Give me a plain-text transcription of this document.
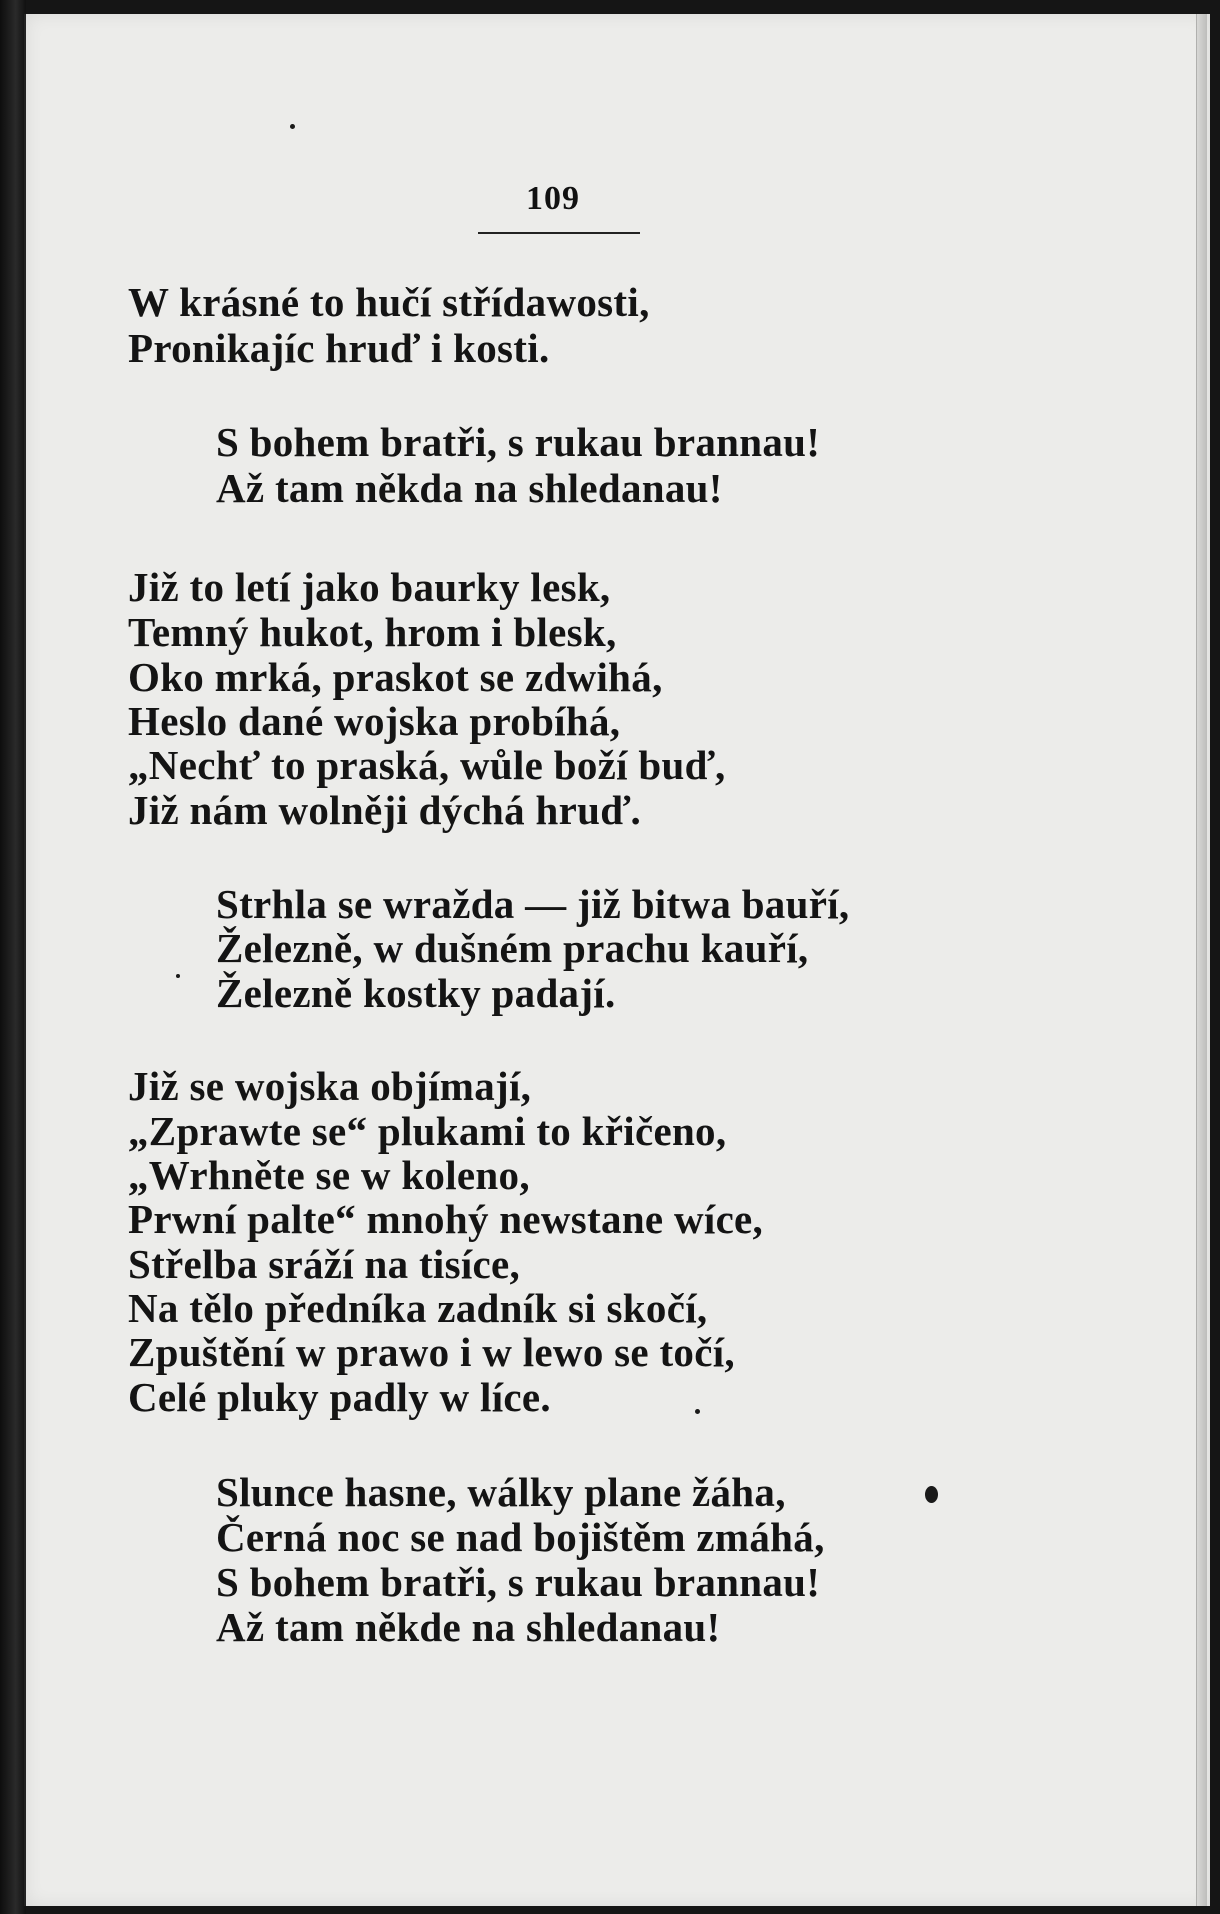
109
W krásné to hučí střídawosti,
Pronikajíc hruď i kosti.
S bohem bratři, s rukau brannau!
Až tam někda na shledanau!
Již to letí jako baurky lesk,
Temný hukot, hrom i blesk,
Oko mrká, praskot se zdwihá,
Heslo dané wojska probíhá,
„Nechť to praská, wůle boží buď,
Již nám wolněji dýchá hruď.
Strhla se wražda — již bitwa bauří,
Železně, w dušném prachu kauří,
Železně kostky padají.
Již se wojska objímají,
„Zprawte se“ plukami to křičeno,
„Wrhněte se w koleno,
Prwní palte“ mnohý newstane wíce,
Střelba sráží na tisíce,
Na tělo předníka zadník si skočí,
Zpuštění w prawo i w lewo se točí,
Celé pluky padly w líce.
Slunce hasne, wálky plane žáha,
Černá noc se nad bojištěm zmáhá,
S bohem bratři, s rukau brannau!
Až tam někde na shledanau!
